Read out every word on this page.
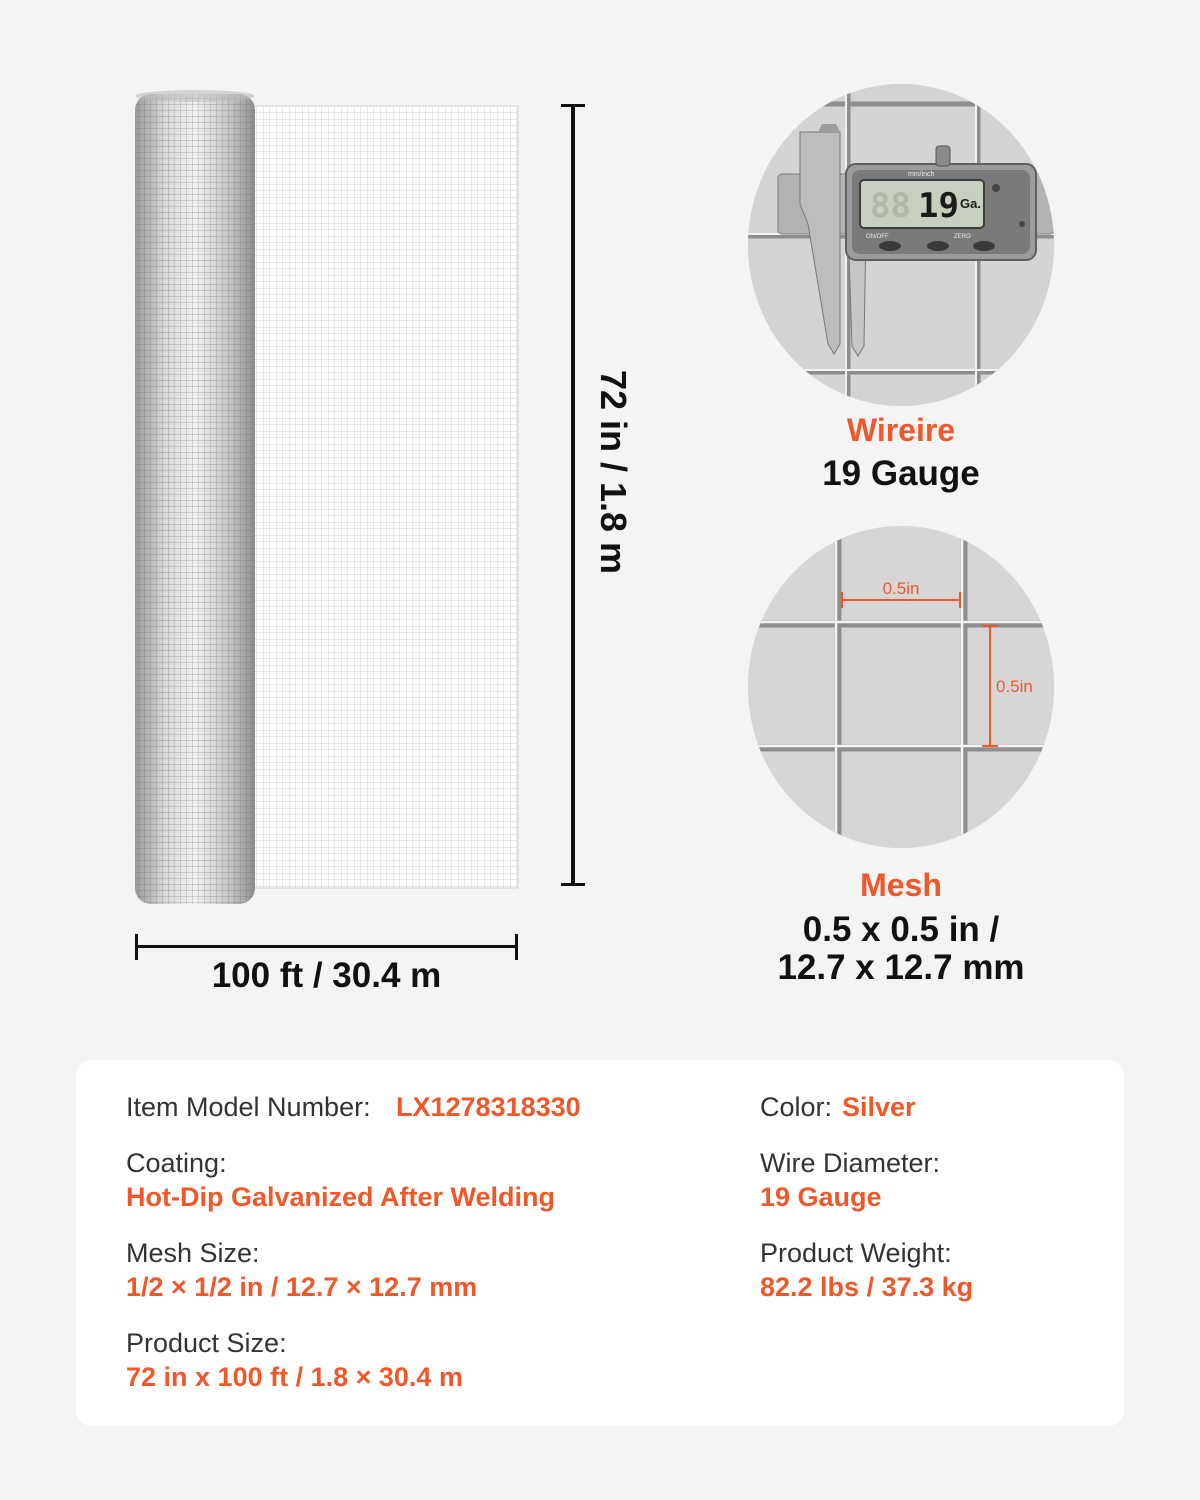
72 in / 1.8 m
100 ft / 30.4 m
88 19 Ga.
mm/inch
ON/OFF	ZERO
Wireire
19 Gauge
0.5in
0.5in
Mesh
0.5 x 0.5 in /
12.7 x 12.7 mm
Item Model Number: LX1278318330
Coating:
Hot-Dip Galvanized After Welding
Mesh Size:
1/2 × 1/2 in / 12.7 × 12.7 mm
Product Size:
72 in x 100 ft / 1.8 × 30.4 m
Color: Silver
Wire Diameter:
19 Gauge
Product Weight:
82.2 lbs / 37.3 kg
